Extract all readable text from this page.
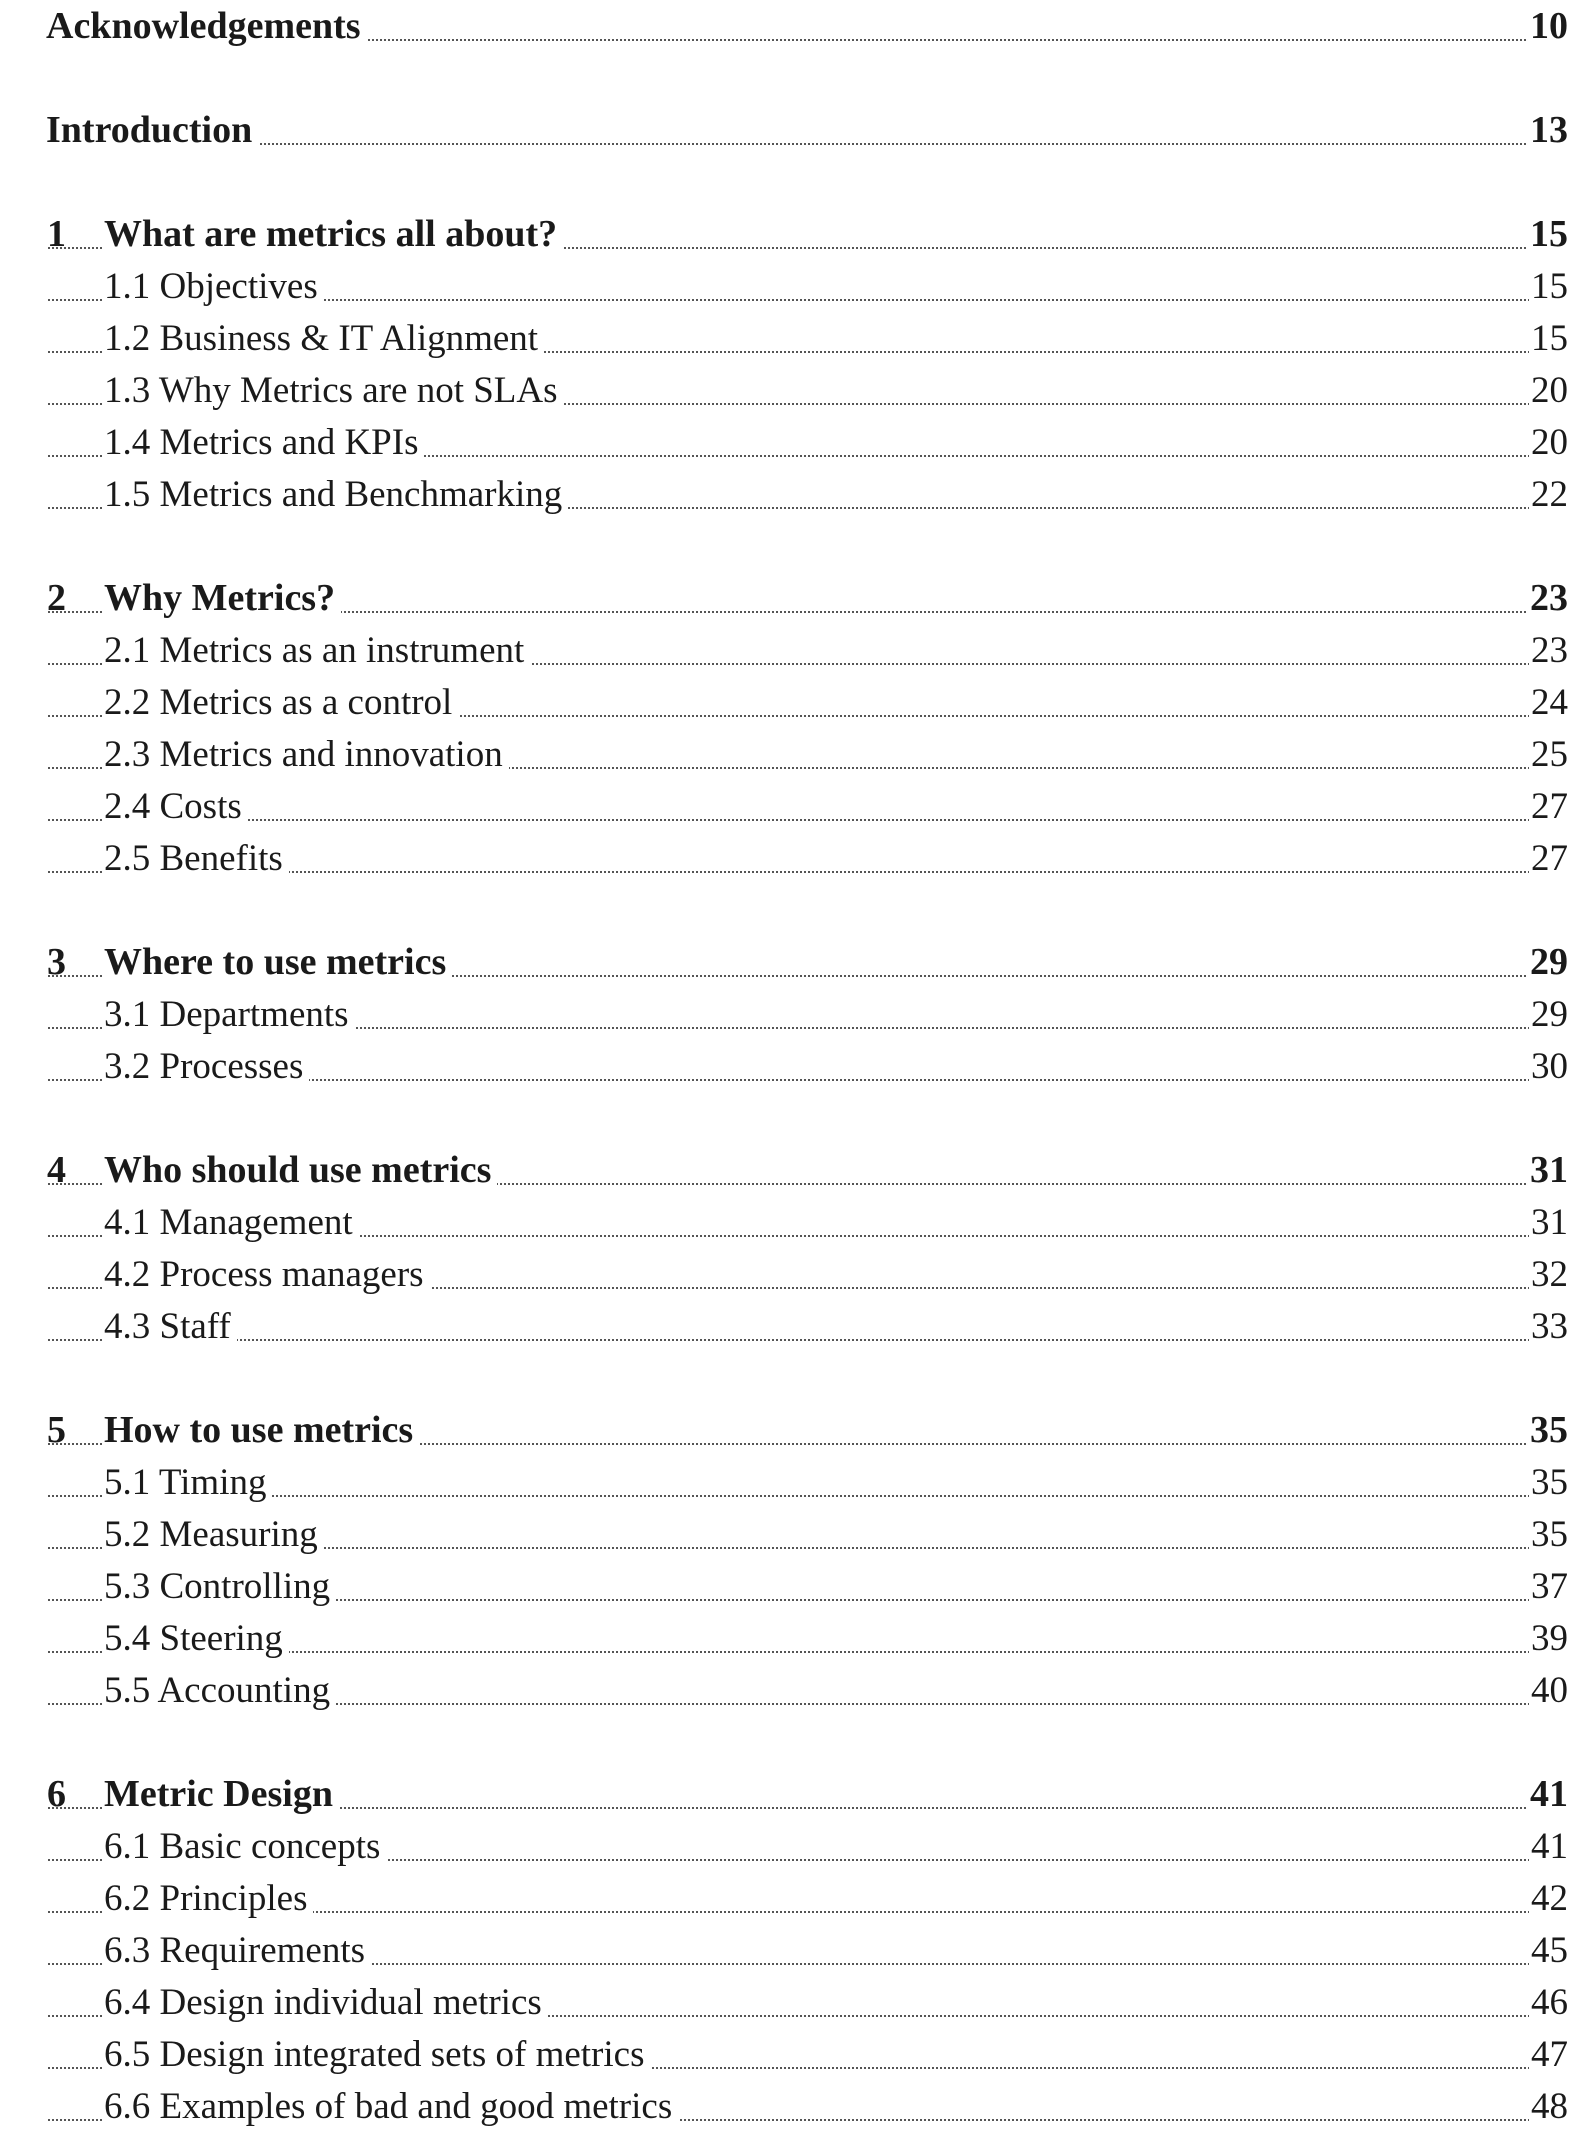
Acknowledgements	10
Introduction	13
1 What are metrics all about?	15
1.1 Objectives	15
1.2 Business & IT Alignment	15
1.3 Why Metrics are not SLAs	20
1.4 Metrics and KPIs	20
1.5 Metrics and Benchmarking	22
2 Why Metrics?	23
2.1 Metrics as an instrument	23
2.2 Metrics as a control	24
2.3 Metrics and innovation	25
2.4 Costs	27
2.5 Benefits	27
3 Where to use metrics	29
3.1 Departments	29
3.2 Processes	30
4 Who should use metrics	31
4.1 Management	31
4.2 Process managers	32
4.3 Staff	33
5 How to use metrics	35
5.1 Timing	35
5.2 Measuring	35
5.3 Controlling	37
5.4 Steering	39
5.5 Accounting	40
6 Metric Design	41
6.1 Basic concepts	41
6.2 Principles	42
6.3 Requirements	45
6.4 Design individual metrics	46
6.5 Design integrated sets of metrics	47
6.6 Examples of bad and good metrics	48
